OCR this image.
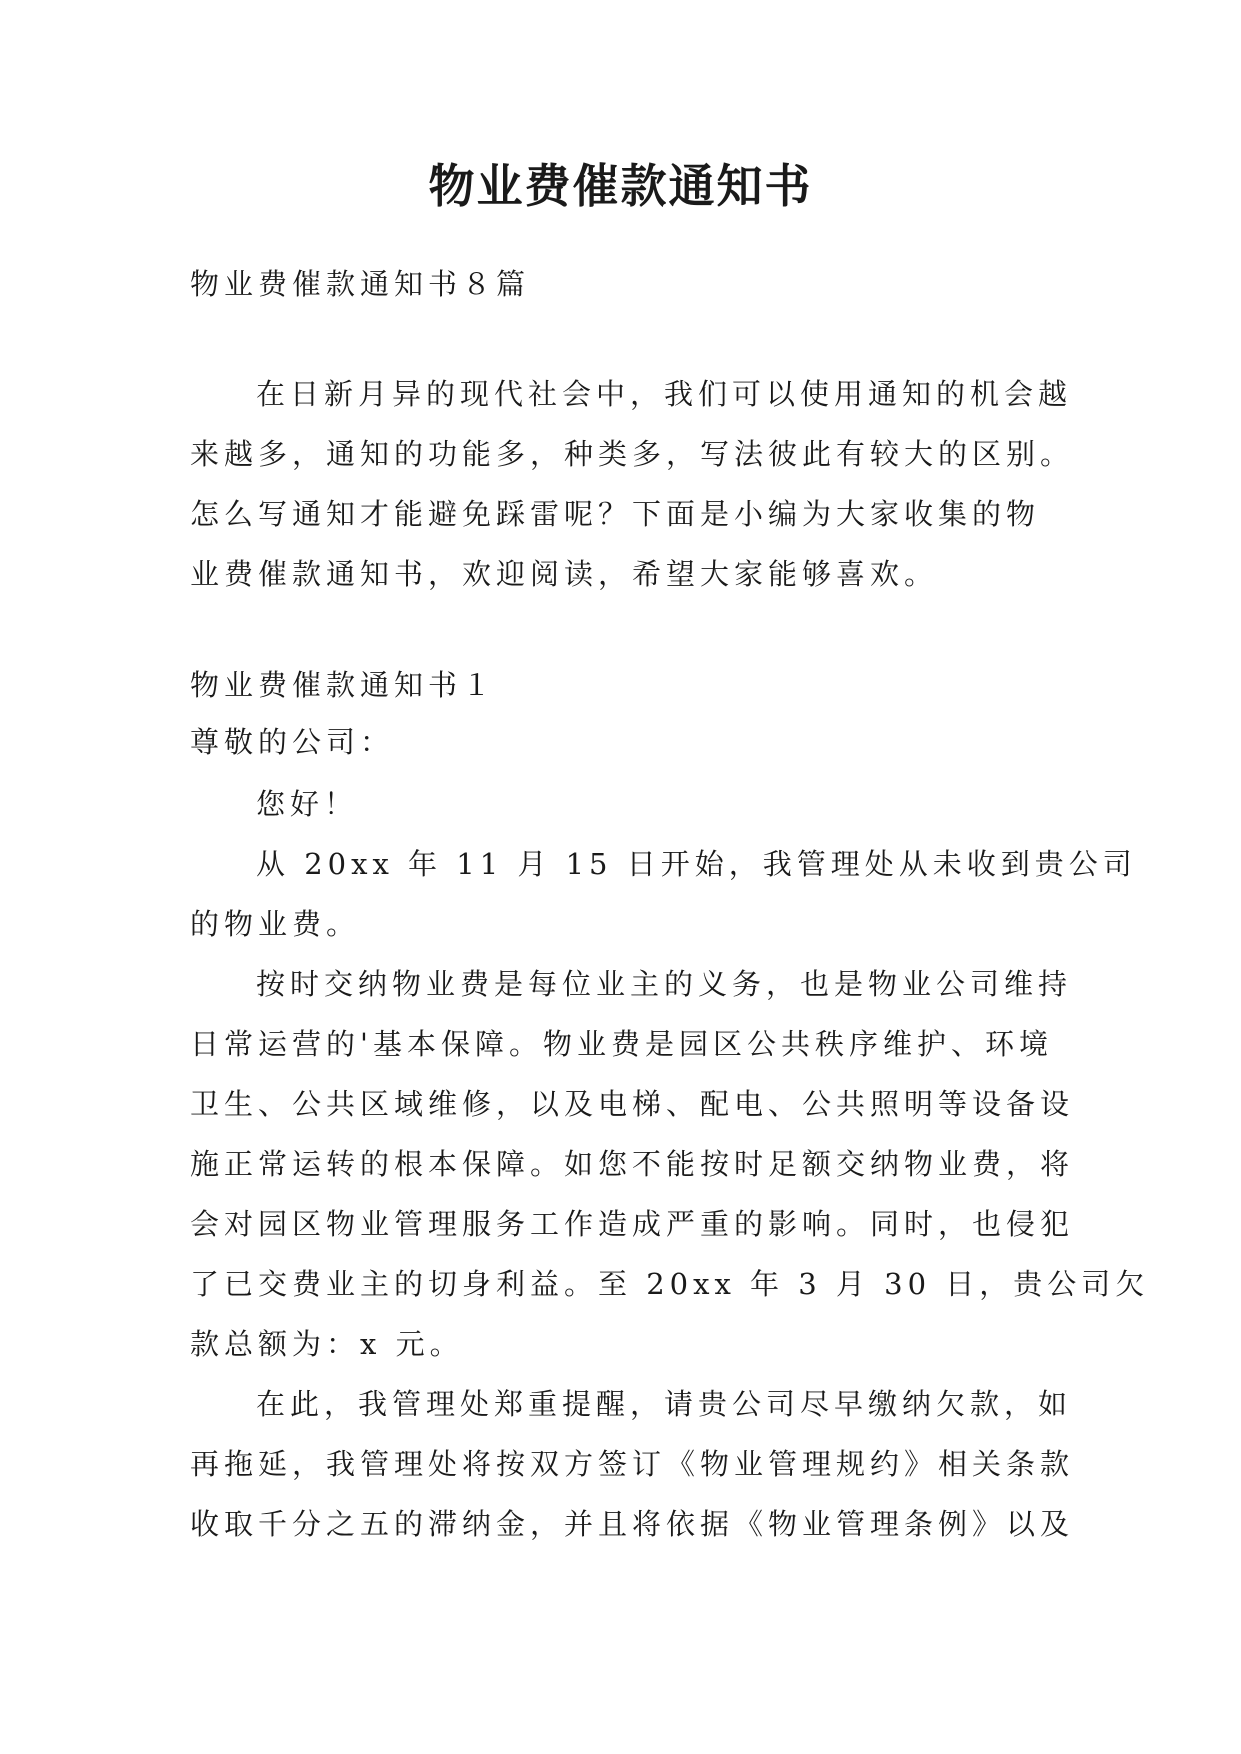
物业费催款通知书
物业费催款通知书８篇
在日新月异的现代社会中，我们可以使用通知的机会越
来越多，通知的功能多，种类多，写法彼此有较大的区别。
怎么写通知才能避免踩雷呢？下面是小编为大家收集的物
业费催款通知书，欢迎阅读，希望大家能够喜欢。
物业费催款通知书１
尊敬的公司：
您好！
从 20xx 年 11 月 15 日开始，我管理处从未收到贵公司
的物业费。
按时交纳物业费是每位业主的义务，也是物业公司维持
日常运营的'基本保障。物业费是园区公共秩序维护、环境
卫生、公共区域维修，以及电梯、配电、公共照明等设备设
施正常运转的根本保障。如您不能按时足额交纳物业费，将
会对园区物业管理服务工作造成严重的影响。同时，也侵犯
了已交费业主的切身利益。至 20xx 年 3 月 30 日，贵公司欠
款总额为：x 元。
在此，我管理处郑重提醒，请贵公司尽早缴纳欠款，如
再拖延，我管理处将按双方签订《物业管理规约》相关条款
收取千分之五的滞纳金，并且将依据《物业管理条例》以及
